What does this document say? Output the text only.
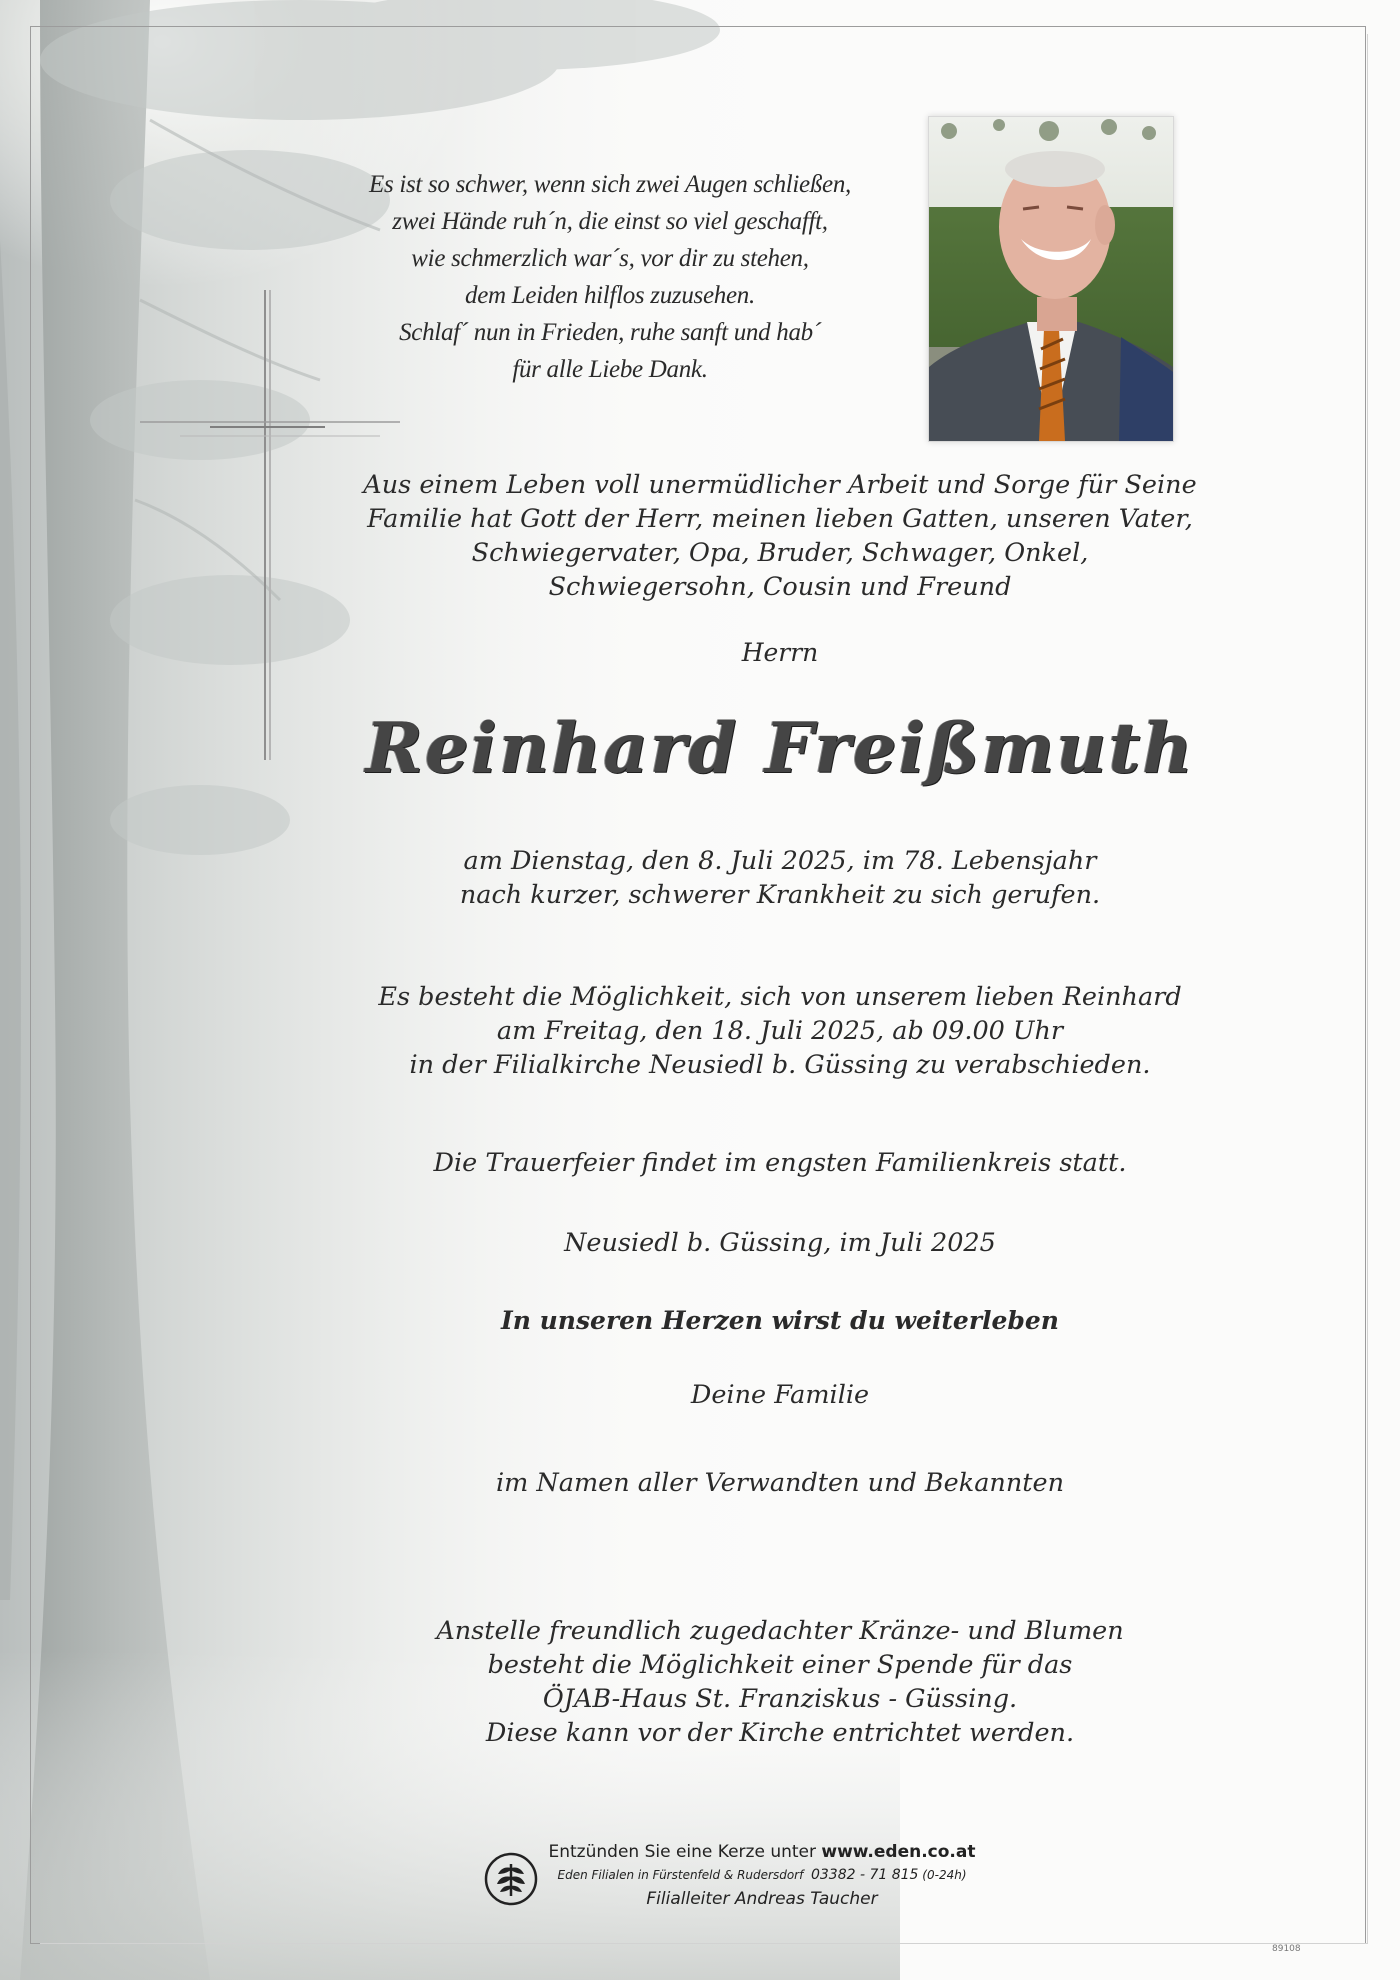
Es ist so schwer, wenn sich zwei Augen schließen,
zwei Hände ruh´n, die einst so viel geschafft,
wie schmerzlich war´s, vor dir zu stehen,
dem Leiden hilflos zuzusehen.
Schlaf´ nun in Frieden, ruhe sanft und hab´
für alle Liebe Dank.
Aus einem Leben voll unermüdlicher Arbeit und Sorge für Seine
Familie hat Gott der Herr, meinen lieben Gatten, unseren Vater,
Schwiegervater, Opa, Bruder, Schwager, Onkel,
Schwiegersohn, Cousin und Freund
Herrn
Reinhard Freißmuth
am Dienstag, den 8. Juli 2025, im 78. Lebensjahr
nach kurzer, schwerer Krankheit zu sich gerufen.
Es besteht die Möglichkeit, sich von unserem lieben Reinhard
am Freitag, den 18. Juli 2025, ab 09.00 Uhr
in der Filialkirche Neusiedl b. Güssing zu verabschieden.
Die Trauerfeier findet im engsten Familienkreis statt.
Neusiedl b. Güssing, im Juli 2025
In unseren Herzen wirst du weiterleben
Deine Familie
im Namen aller Verwandten und Bekannten
Anstelle freundlich zugedachter Kränze- und Blumen
besteht die Möglichkeit einer Spende für das
ÖJAB-Haus St. Franziskus - Güssing.
Diese kann vor der Kirche entrichtet werden.
Entzünden Sie eine Kerze unter www.eden.co.at
Eden Filialen in Fürstenfeld & Rudersdorf 03382 - 71 815 (0-24h)
Filialleiter Andreas Taucher
89108
